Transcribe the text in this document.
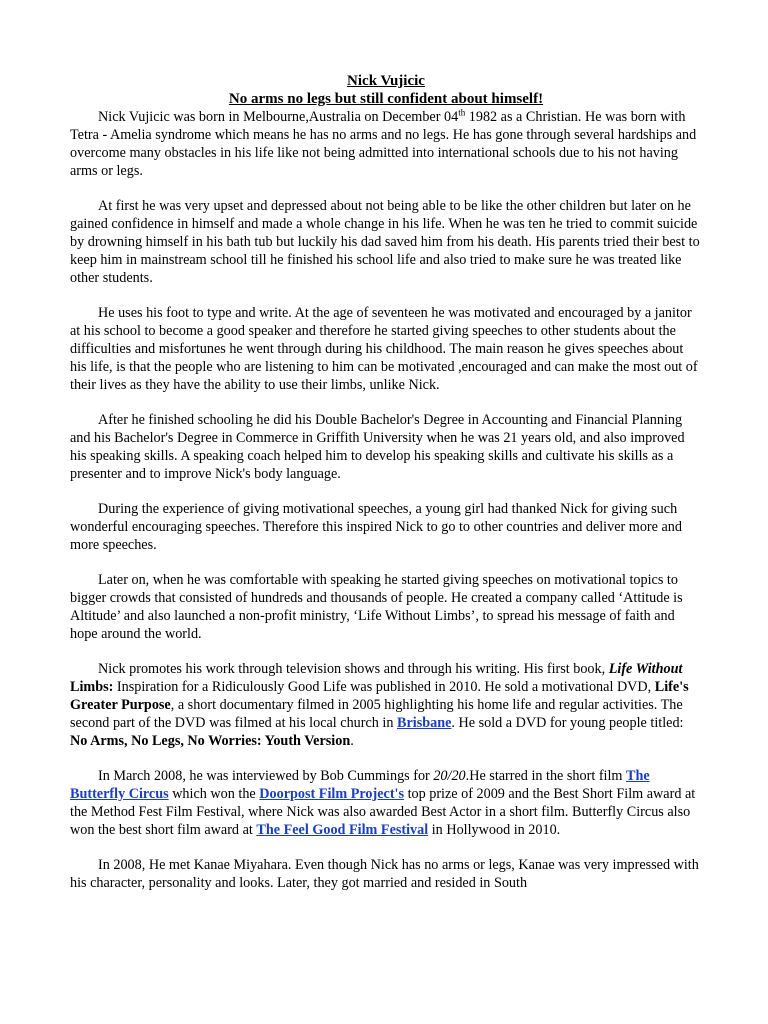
Nick Vujicic
No arms no legs but still confident about himself!

Nick Vujicic was born in Melbourne,Australia on December 04th 1982 as a Christian. He was born with Tetra - Amelia syndrome which means he has no arms and no legs. He has gone through several hardships and overcome many obstacles in his life like not being admitted into international schools due to his not having arms or legs.

At first he was very upset and depressed about not being able to be like the other children but later on he gained confidence in himself and made a whole change in his life. When he was ten he tried to commit suicide by drowning himself in his bath tub but luckily his dad saved him from his death. His parents tried their best to keep him in mainstream school till he finished his school life and also tried to make sure he was treated like other students.

He uses his foot to type and write. At the age of seventeen he was motivated and encouraged by a janitor at his school to become a good speaker and therefore he started giving speeches to other students about the difficulties and misfortunes he went through during his childhood. The main reason he gives speeches about his life, is that the people who are listening to him can be motivated ,encouraged and can make the most out of their lives as they have the ability to use their limbs, unlike Nick.

After he finished schooling he did his Double Bachelor's Degree in Accounting and Financial Planning and his Bachelor's Degree in Commerce in Griffith University when he was 21 years old, and also improved his speaking skills. A speaking coach helped him to develop his speaking skills and cultivate his skills as a presenter and to improve Nick's body language.

During the experience of giving motivational speeches, a young girl had thanked Nick for giving such wonderful encouraging speeches. Therefore this inspired Nick to go to other countries and deliver more and more speeches.

Later on, when he was comfortable with speaking he started giving speeches on motivational topics to bigger crowds that consisted of hundreds and thousands of people. He created a company called ‘Attitude is Altitude’ and also launched a non-profit ministry, ‘Life Without Limbs’, to spread his message of faith and hope around the world.

Nick promotes his work through television shows and through his writing. His first book, Life Without Limbs: Inspiration for a Ridiculously Good Life was published in 2010. He sold a motivational DVD, Life's Greater Purpose, a short documentary filmed in 2005 highlighting his home life and regular activities. The second part of the DVD was filmed at his local church in Brisbane. He sold a DVD for young people titled: No Arms, No Legs, No Worries: Youth Version.

In March 2008, he was interviewed by Bob Cummings for 20/20.He starred in the short film The Butterfly Circus which won the Doorpost Film Project's top prize of 2009 and the Best Short Film award at the Method Fest Film Festival, where Nick was also awarded Best Actor in a short film. Butterfly Circus also won the best short film award at The Feel Good Film Festival in Hollywood in 2010.

In 2008, He met Kanae Miyahara. Even though Nick has no arms or legs, Kanae was very impressed with his character, personality and looks. Later, they got married and resided in South
